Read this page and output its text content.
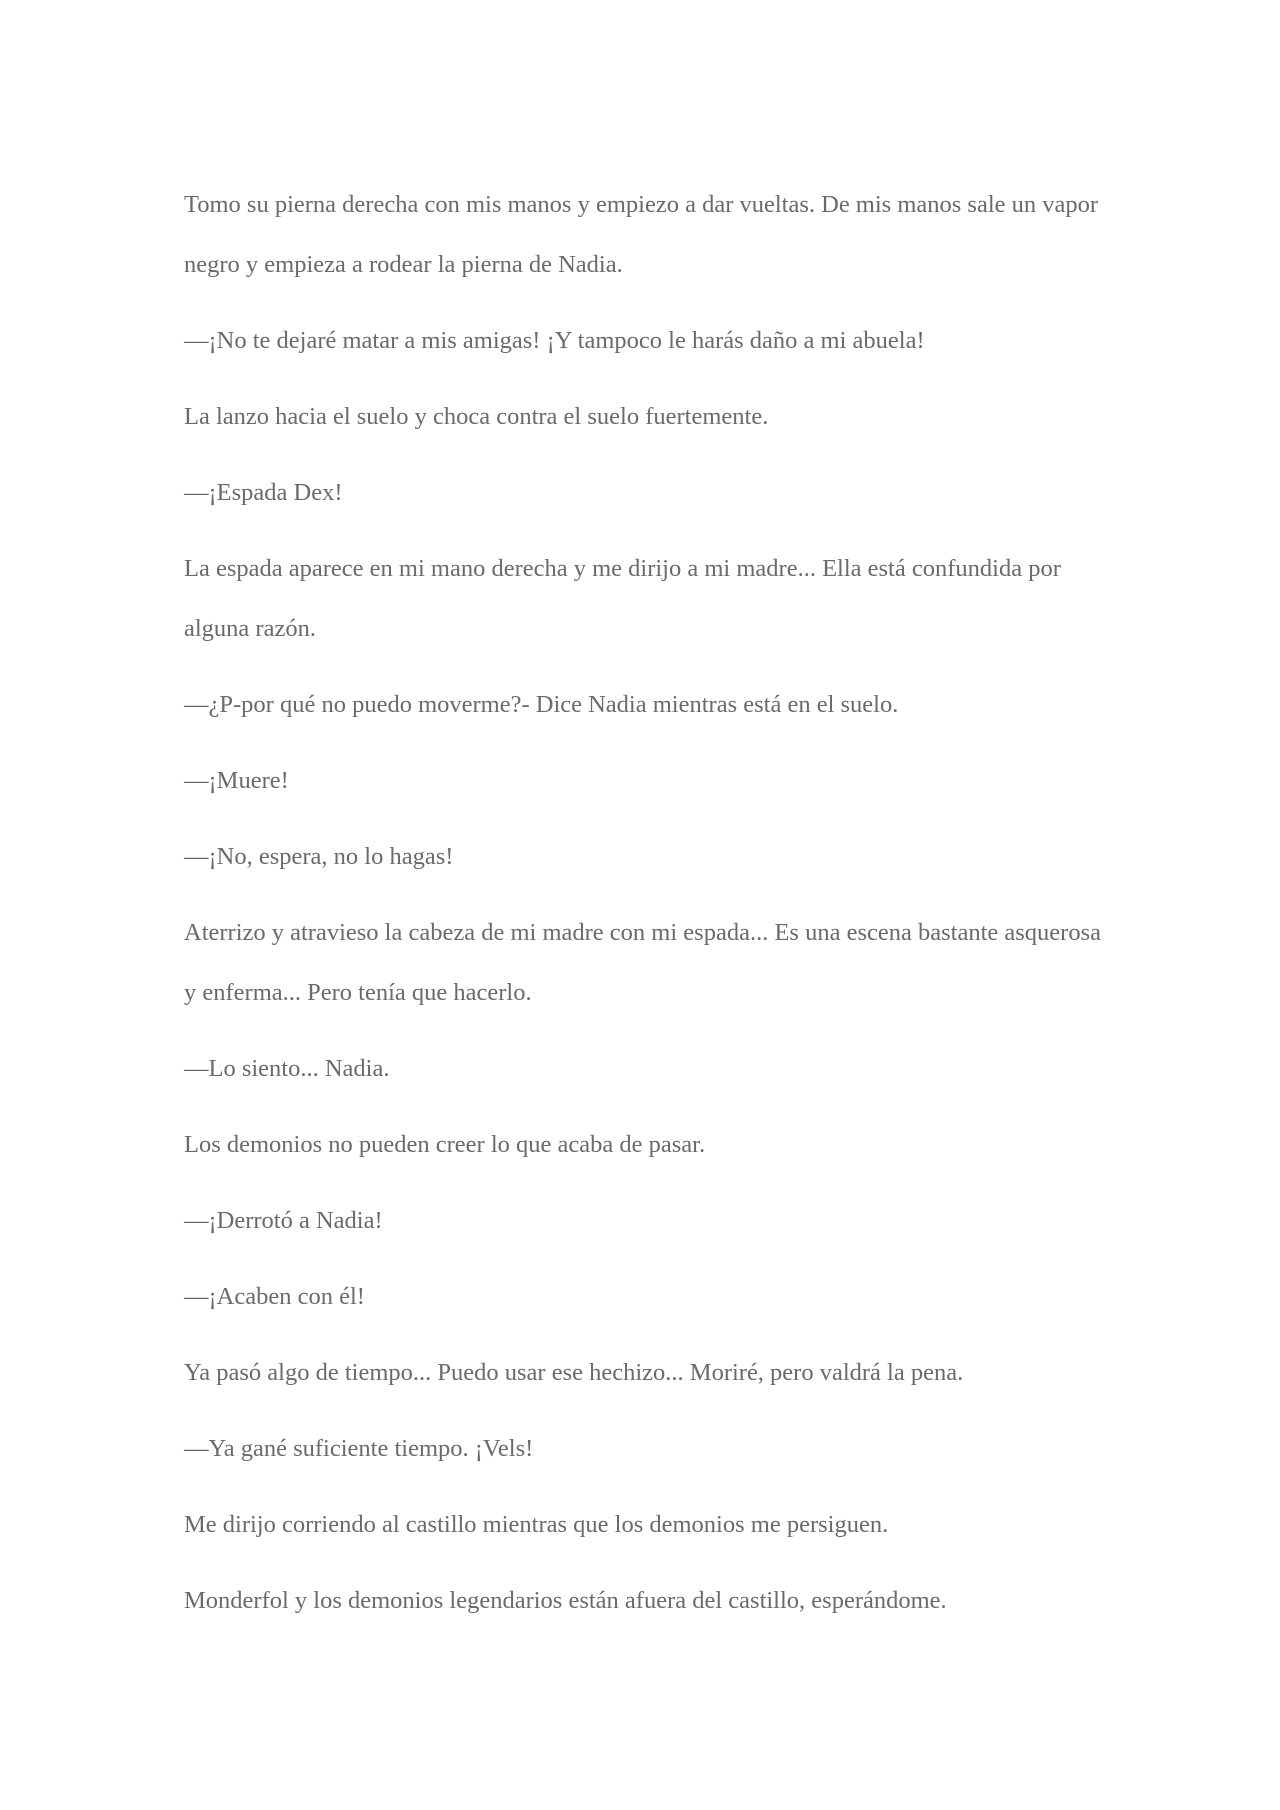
Tomo su pierna derecha con mis manos y empiezo a dar vueltas. De mis manos sale un vapor negro y empieza a rodear la pierna de Nadia.

—¡No te dejaré matar a mis amigas! ¡Y tampoco le harás daño a mi abuela!

La lanzo hacia el suelo y choca contra el suelo fuertemente.

—¡Espada Dex!

La espada aparece en mi mano derecha y me dirijo a mi madre... Ella está confundida por alguna razón.

—¿P-por qué no puedo moverme?- Dice Nadia mientras está en el suelo.

—¡Muere!

—¡No, espera, no lo hagas!

Aterrizo y atravieso la cabeza de mi madre con mi espada... Es una escena bastante asquerosa y enferma... Pero tenía que hacerlo.

—Lo siento... Nadia.

Los demonios no pueden creer lo que acaba de pasar.

—¡Derrotó a Nadia!

—¡Acaben con él!

Ya pasó algo de tiempo... Puedo usar ese hechizo... Moriré, pero valdrá la pena.

—Ya gané suficiente tiempo. ¡Vels!

Me dirijo corriendo al castillo mientras que los demonios me persiguen.

Monderfol y los demonios legendarios están afuera del castillo, esperándome.
